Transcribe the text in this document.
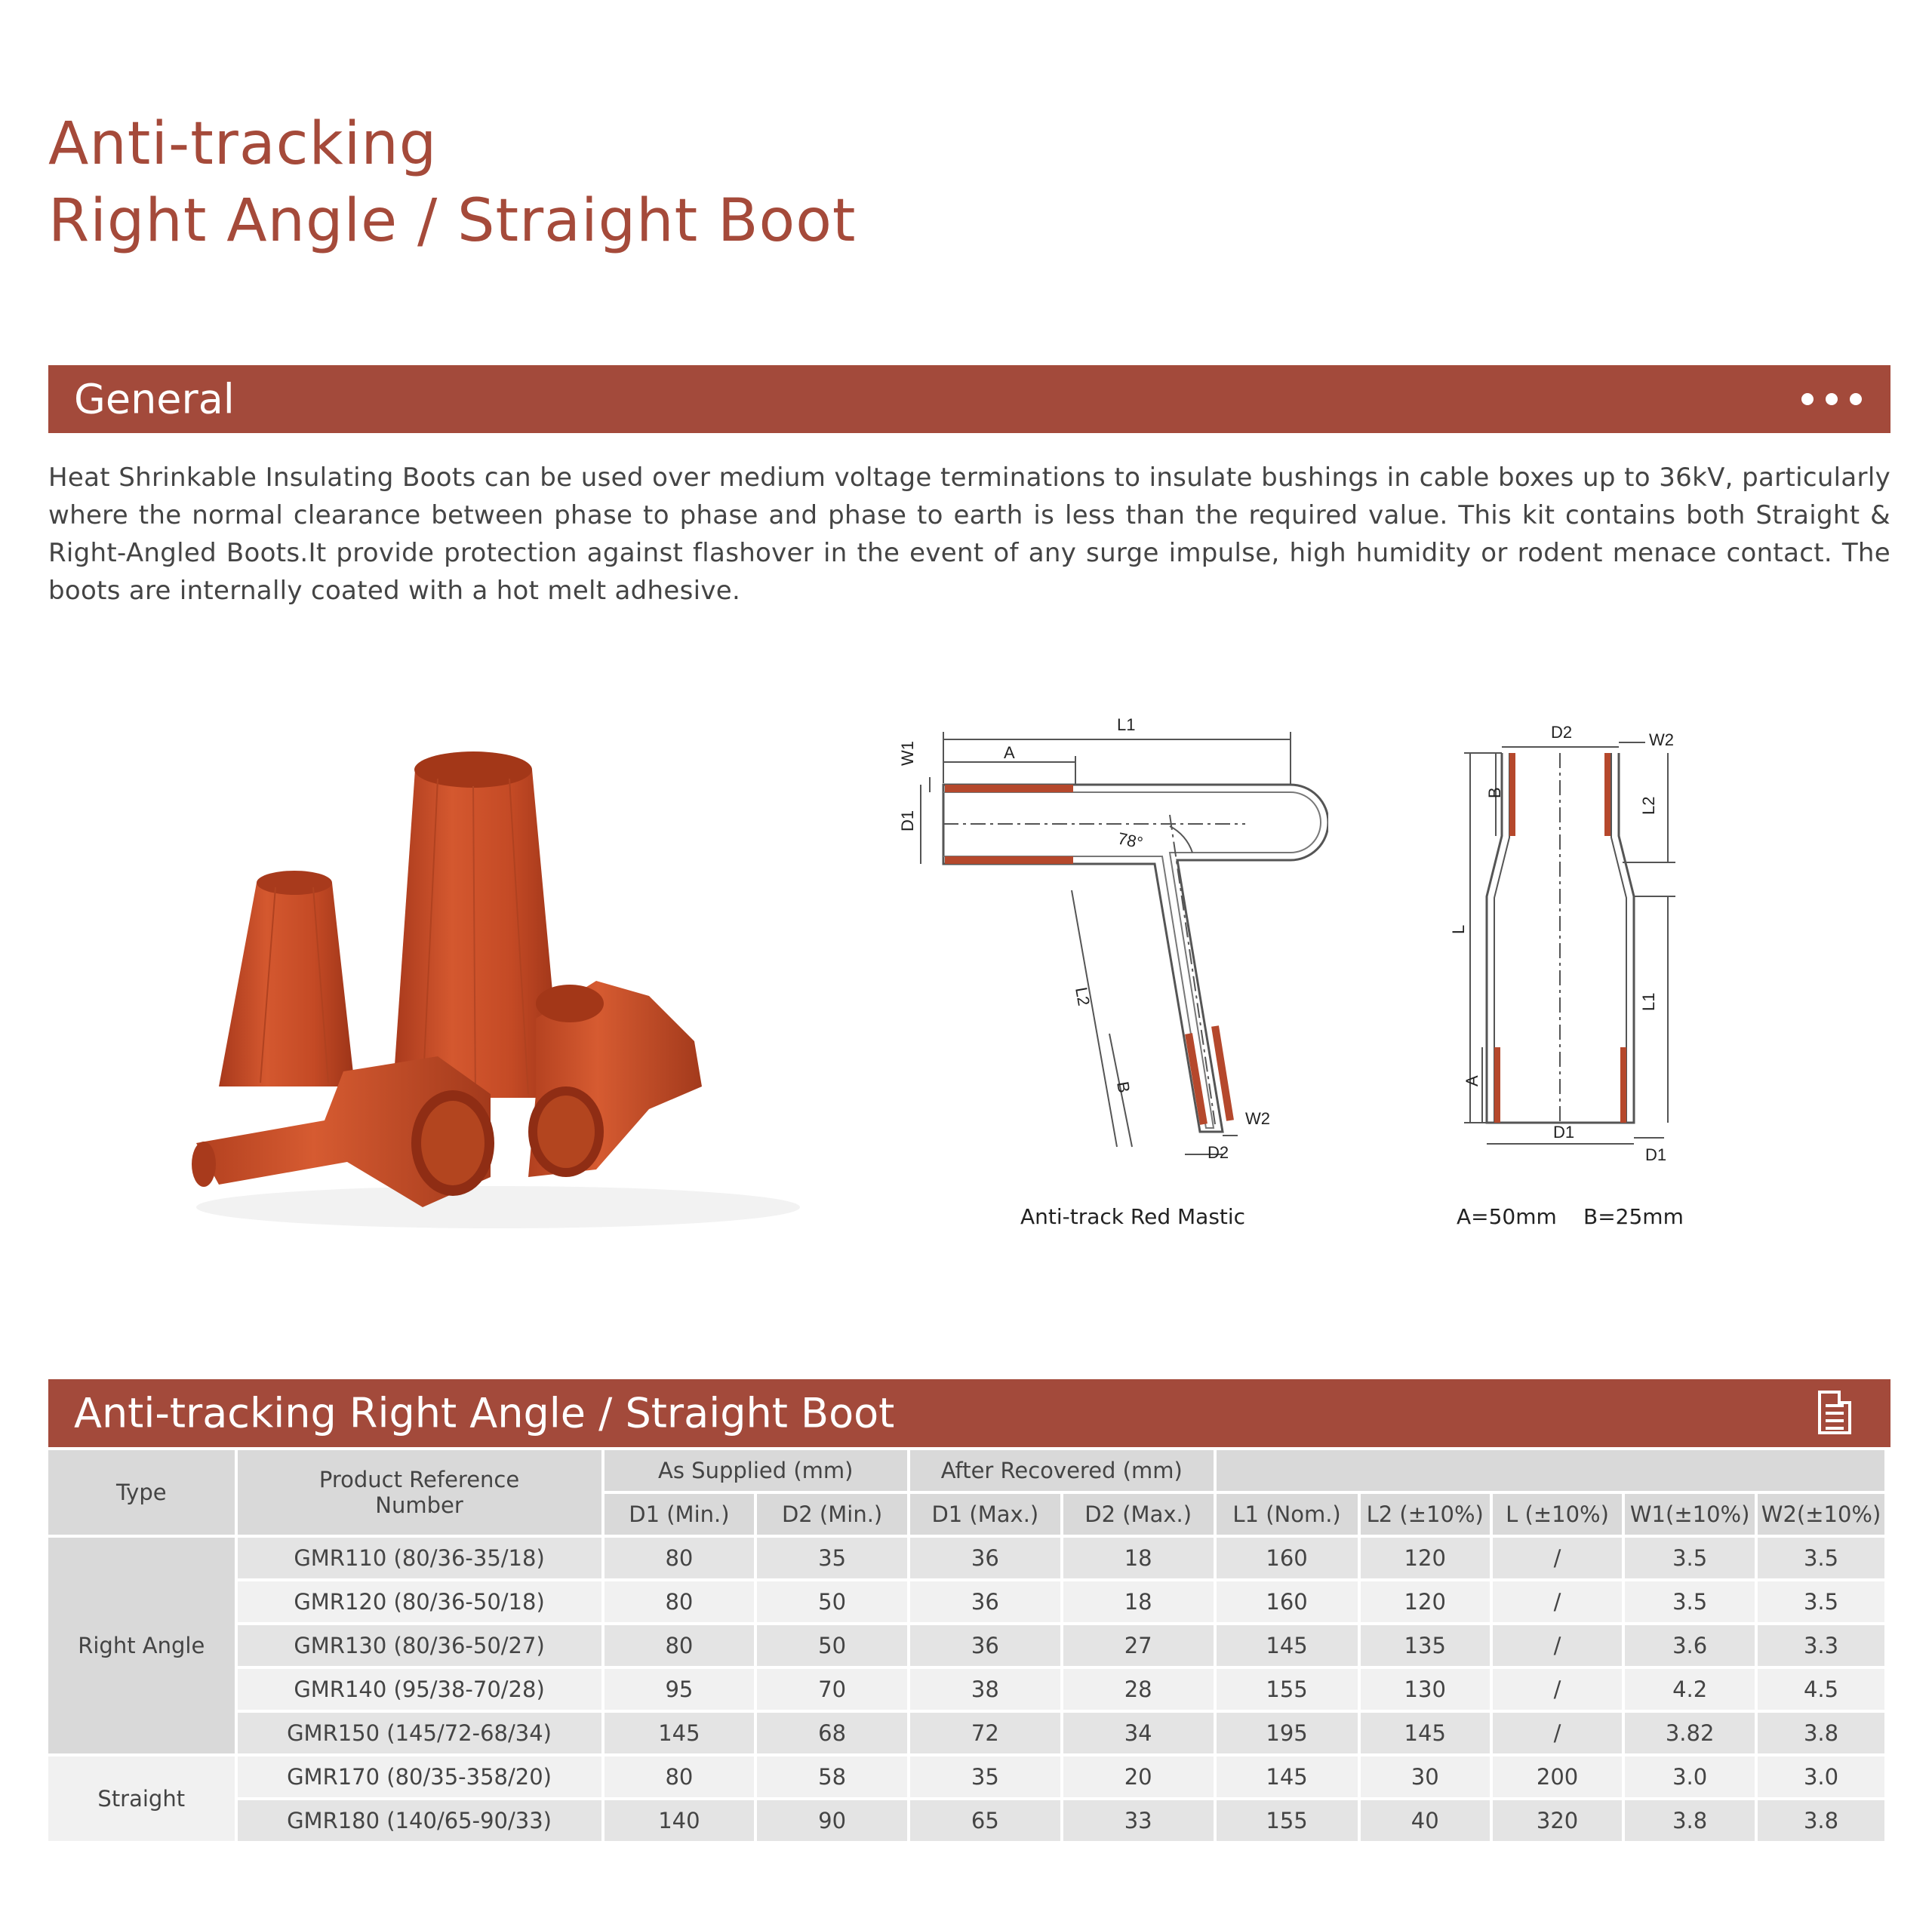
Anti-tracking
Right Angle / Straight Boot
General

Heat Shrinkable Insulating Boots can be used over medium voltage terminations to insulate bushings in cable boxes up to 36kV, particularly where the normal clearance between phase to phase and phase to earth is less than the required value. This kit contains both Straight & Right-Angled Boots.It provide protection against flashover in the event of any surge impulse, high humidity or rodent menace contact. The boots are internally coated with a hot melt adhesive.

L1
A
W1
D1
78°
L2
B
W2
D2
Anti-track Red Mastic
D2	W2
B
L2
L
L1
A
D1
D1
A=50mm B=25mm
Anti-tracking Right Angle / Straight Boot
Type	Product Reference Number	As Supplied (mm)		After Recovered (mm)						
		D1 (Min.)	D2 (Min.)	D1 (Max.)	D2 (Max.)	L1 (Nom.)	L2 (±10%)	L (±10%)	W1(±10%)	W2(±10%)
Right Angle	GMR110 (80/36-35/18)	80	35	36	18	160	120	/	3.5	3.5
	GMR120 (80/36-50/18)	80	50	36	18	160	120	/	3.5	3.5
	GMR130 (80/36-50/27)	80	50	36	27	145	135	/	3.6	3.3
	GMR140 (95/38-70/28)	95	70	38	28	155	130	/	4.2	4.5
	GMR150 (145/72-68/34)	145	68	72	34	195	145	/	3.82	3.8
Straight	GMR170 (80/35-358/20)	80	58	35	20	145	30	200	3.0	3.0
	GMR180 (140/65-90/33)	140	90	65	33	155	40	320	3.8	3.8
